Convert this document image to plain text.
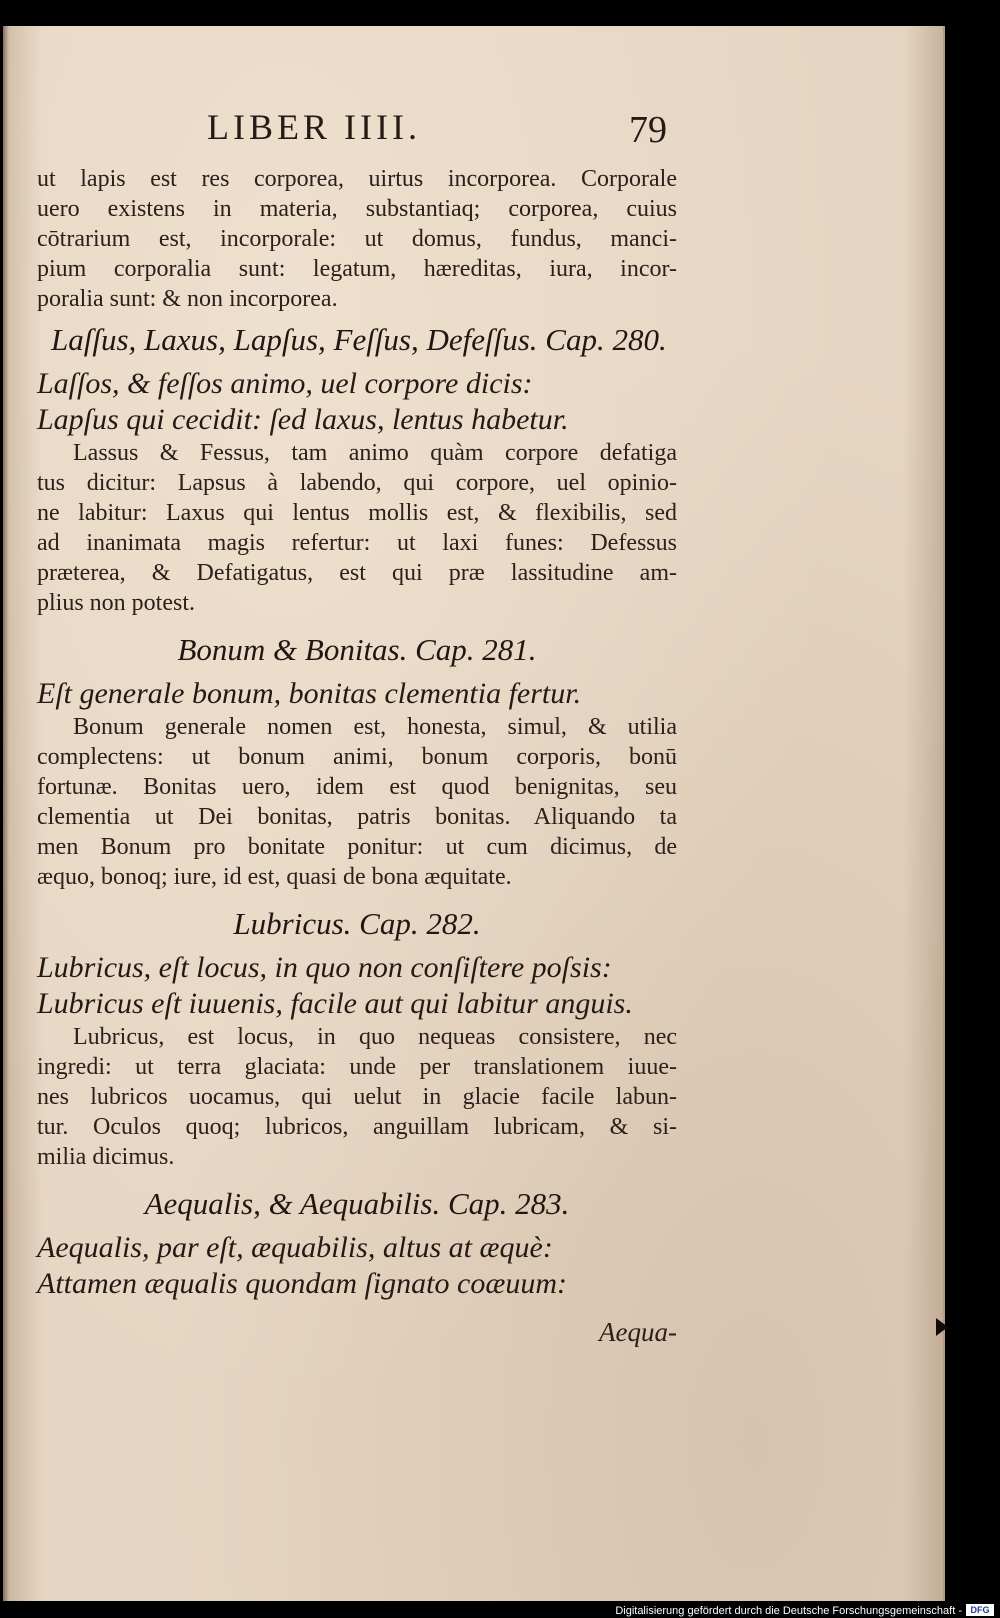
LIBER IIII.	79
ut lapis est res corporea, uirtus incorporea. Corporale
uero existens in materia, substantiaq; corporea, cuius
cōtrarium est, incorporale: ut domus, fundus, manci-
pium corporalia sunt: legatum, hæreditas, iura, incor-
poralia sunt: & non incorporea.
Laſſus, Laxus, Lapſus, Feſſus, Defeſſus. Cap. 280.
Laſſos, & feſſos animo, uel corpore dicis:
Lapſus qui cecidit: ſed laxus, lentus habetur.
Lassus & Fessus, tam animo quàm corpore defatiga
tus dicitur: Lapsus à labendo, qui corpore, uel opinio-
ne labitur: Laxus qui lentus mollis est, & flexibilis, sed
ad inanimata magis refertur: ut laxi funes: Defessus
præterea, & Defatigatus, est qui præ lassitudine am-
plius non potest.
Bonum & Bonitas. Cap. 281.
Eſt generale bonum, bonitas clementia fertur.
Bonum generale nomen est, honesta, simul, & utilia
complectens: ut bonum animi, bonum corporis, bonū
fortunæ. Bonitas uero, idem est quod benignitas, seu
clementia ut Dei bonitas, patris bonitas. Aliquando ta
men Bonum pro bonitate ponitur: ut cum dicimus, de
æquo, bonoq; iure, id est, quasi de bona æquitate.
Lubricus. Cap. 282.
Lubricus, eſt locus, in quo non conſiſtere poſsis:
Lubricus eſt iuuenis, facile aut qui labitur anguis.
Lubricus, est locus, in quo nequeas consistere, nec
ingredi: ut terra glaciata: unde per translationem iuue-
nes lubricos uocamus, qui uelut in glacie facile labun-
tur. Oculos quoq; lubricos, anguillam lubricam, & si-
milia dicimus.
Aequalis, & Aequabilis. Cap. 283.
Aequalis, par eſt, æquabilis, altus at æquè:
Attamen æqualis quondam ſignato coæuum:
Aequa-
Digitalisierung gefördert durch die Deutsche Forschungsgemeinschaft - DFG
